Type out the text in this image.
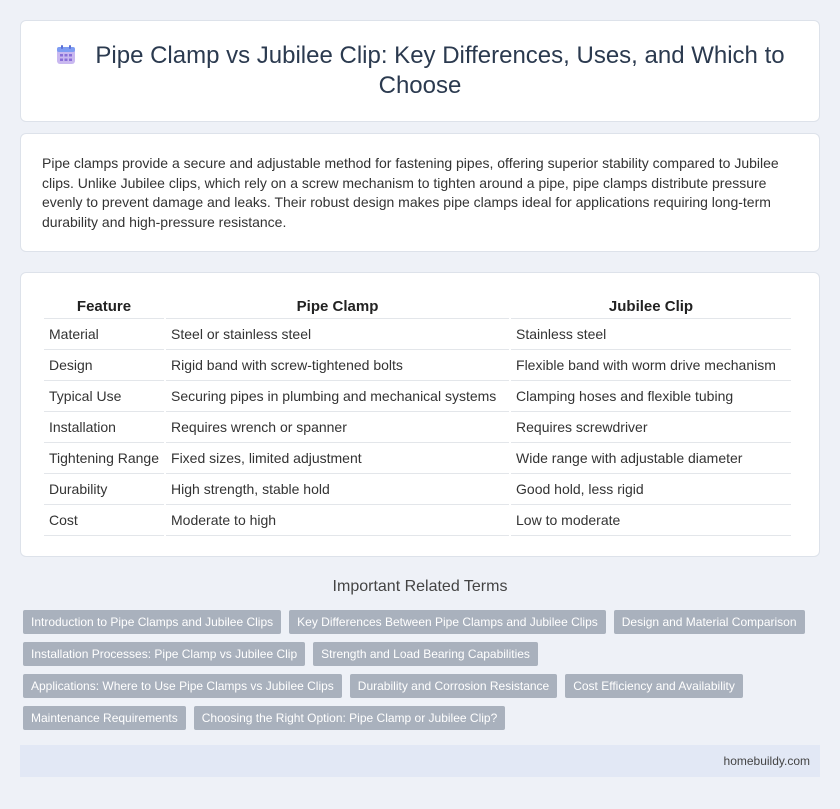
Pipe Clamp vs Jubilee Clip: Key Differences, Uses, and Which to Choose

Pipe clamps provide a secure and adjustable method for fastening pipes, offering superior stability compared to Jubilee clips. Unlike Jubilee clips, which rely on a screw mechanism to tighten around a pipe, pipe clamps distribute pressure evenly to prevent damage and leaks. Their robust design makes pipe clamps ideal for applications requiring long-term durability and high-pressure resistance.

Feature	Pipe Clamp	Jubilee Clip
Material	Steel or stainless steel	Stainless steel
Design	Rigid band with screw-tightened bolts	Flexible band with worm drive mechanism
Typical Use	Securing pipes in plumbing and mechanical systems	Clamping hoses and flexible tubing
Installation	Requires wrench or spanner	Requires screwdriver
Tightening Range	Fixed sizes, limited adjustment	Wide range with adjustable diameter
Durability	High strength, stable hold	Good hold, less rigid
Cost	Moderate to high	Low to moderate
Important Related Terms
Introduction to Pipe Clamps and Jubilee Clips	Key Differences Between Pipe Clamps and Jubilee Clips	Design and Material Comparison
Installation Processes: Pipe Clamp vs Jubilee Clip	Strength and Load Bearing Capabilities
Applications: Where to Use Pipe Clamps vs Jubilee Clips	Durability and Corrosion Resistance	Cost Efficiency and Availability
Maintenance Requirements	Choosing the Right Option: Pipe Clamp or Jubilee Clip?
homebuildy.com
